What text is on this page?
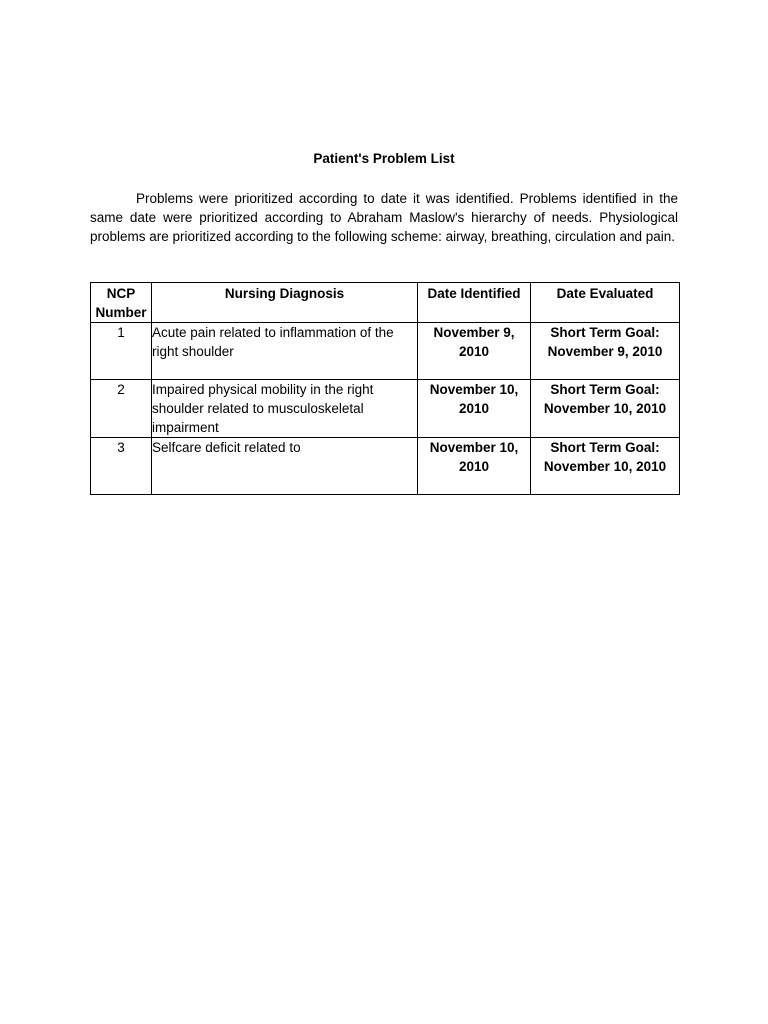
Patient's Problem List

Problems were prioritized according to date it was identified. Problems identified in the same date were prioritized according to Abraham Maslow's hierarchy of needs. Physiological problems are prioritized according to the following scheme: airway, breathing, circulation and pain.

NCP
Number	Nursing Diagnosis	Date Identified	Date Evaluated
1	Acute pain related to inflammation of the right shoulder	November 9, 2010	Short Term Goal:
November 9, 2010

2	Impaired physical mobility in the right shoulder related to musculoskeletal impairment	November 10, 2010	Short Term Goal:
November 10, 2010

3	Selfcare deficit related to	November 10, 2010	Short Term Goal:
November 10, 2010
